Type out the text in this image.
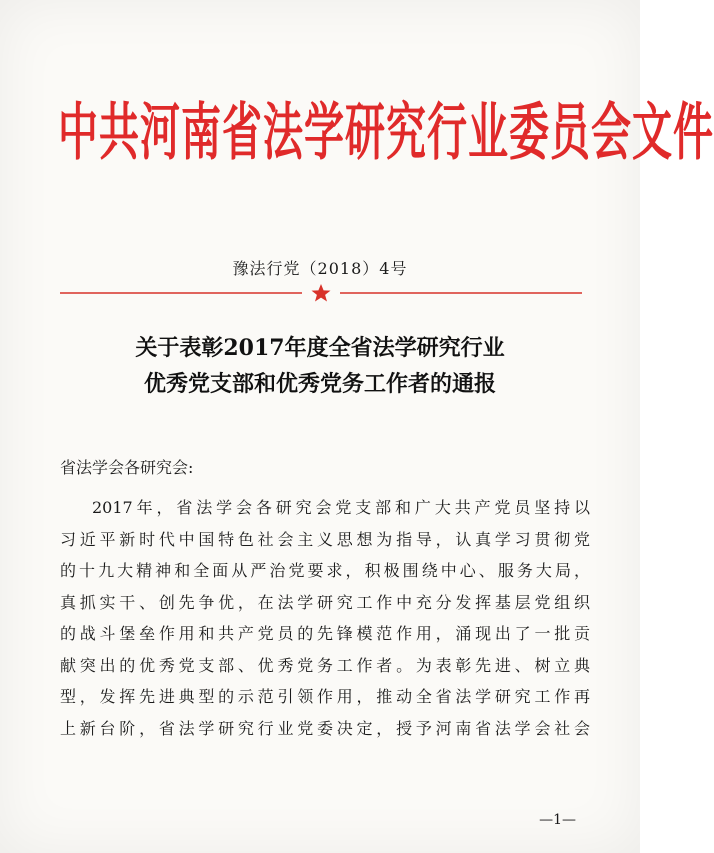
中共河南省法学研究行业委员会文件
豫法行党（2018）4号
关于表彰2017年度全省法学研究行业
优秀党支部和优秀党务工作者的通报
省法学会各研究会:
2017年，省法学会各研究会党支部和广大共产党员坚持以
习近平新时代中国特色社会主义思想为指导，认真学习贯彻党
的十九大精神和全面从严治党要求，积极围绕中心、服务大局，
真抓实干、创先争优，在法学研究工作中充分发挥基层党组织
的战斗堡垒作用和共产党员的先锋模范作用，涌现出了一批贡
献突出的优秀党支部、优秀党务工作者。为表彰先进、树立典
型，发挥先进典型的示范引领作用，推动全省法学研究工作再
上新台阶，省法学研究行业党委决定，授予河南省法学会社会
—1—
